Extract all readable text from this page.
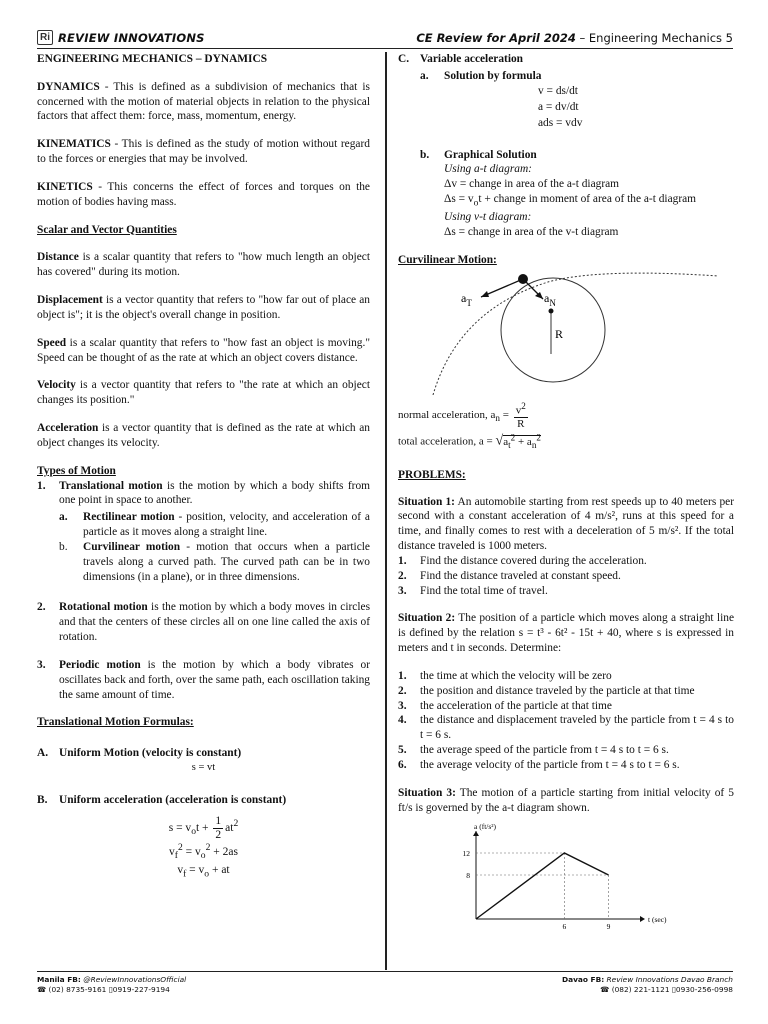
Ri REVIEW INNOVATIONS	CE Review for April 2024 – Engineering Mechanics 5

ENGINEERING MECHANICS – DYNAMICS

DYNAMICS - This is defined as a subdivision of mechanics that is concerned with the motion of material objects in relation to the physical factors that affect them: force, mass, momentum, energy.

KINEMATICS - This is defined as the study of motion without regard to the forces or energies that may be involved.

KINETICS - This concerns the effect of forces and torques on the motion of bodies having mass.

Scalar and Vector Quantities

Distance is a scalar quantity that refers to "how much length an object has covered" during its motion.

Displacement is a vector quantity that refers to "how far out of place an object is"; it is the object's overall change in position.

Speed is a scalar quantity that refers to "how fast an object is moving." Speed can be thought of as the rate at which an object covers distance.

Velocity is a vector quantity that refers to "the rate at which an object changes its position."

Acceleration is a vector quantity that is defined as the rate at which an object changes its velocity.

Types of Motion

1.	Translational motion is the motion by which a body shifts from one point in space to another.
a.	Rectilinear motion - position, velocity, and acceleration of a particle as it moves along a straight line.
b.	Curvilinear motion - motion that occurs when a particle travels along a curved path. The curved path can be in two dimensions (in a plane), or in three dimensions.
2.	Rotational motion is the motion by which a body moves in circles and that the centers of these circles all on one line called the axis of rotation.
3.	Periodic motion is the motion by which a body vibrates or oscillates back and forth, over the same path, each oscillation taking the same amount of time.

Translational Motion Formulas:

A. Uniform Motion (velocity is constant)

s = vt

B.	Uniform acceleration (acceleration is constant)
$s = v_ot + \frac{1}{2} at^2$
$v_f^2 = v_o^2 + 2as$
$v_f = v_o$ + at
C. Variable acceleration
a.	Solution by formula
v = ds/dt
a = dv/dt
ads = vdv
b.	Graphical Solution
Using a-t diagram:
Δv = change in area of the a-t diagram
$\Delta s = v_ot$ + change in moment of area of the a-t diagram
Using v-t diagram:
Δs = change in area of the v-t diagram

Curvilinear Motion:

$a_T$	$a_N$
R
normal acceleration, $a_n = \frac{v^2}{R}$
total acceleration, $a = √a_t^2 + a_n^2$

PROBLEMS:

Situation 1: An automobile starting from rest speeds up to 40 meters per second with a constant acceleration of 4 m/s², runs at this speed for a time, and finally comes to rest with a deceleration of 5 m/s². If the total distance traveled is 1000 meters.

1.	Find the distance covered during the acceleration.
2.	Find the distance traveled at constant speed.
3.	Find the total time of travel.

Situation 2: The position of a particle which moves along a straight line is defined by the relation s = t³ - 6t² - 15t + 40, where s is expressed in meters and t in seconds. Determine:

1.	the time at which the velocity will be zero
2.	the position and distance traveled by the particle at that time
3.	the acceleration of the particle at that time
4.	the distance and displacement traveled by the particle from t = 4 s to t = 6 s.
5.	the average speed of the particle from t = 4 s to t = 6 s.
6.	the average velocity of the particle from t = 4 s to t = 6 s.

Situation 3: The motion of a particle starting from initial velocity of 5 ft/s is governed by the a-t diagram shown.

a (ft/s²)
t (sec)
8
12
6	9
Manila FB: @ReviewInnovationsOfficial
☎ (02) 8735-9161 ▯0919-227-9194
Davao FB: Review Innovations Davao Branch
☎ (082) 221-1121 ▯0930-256-0998
